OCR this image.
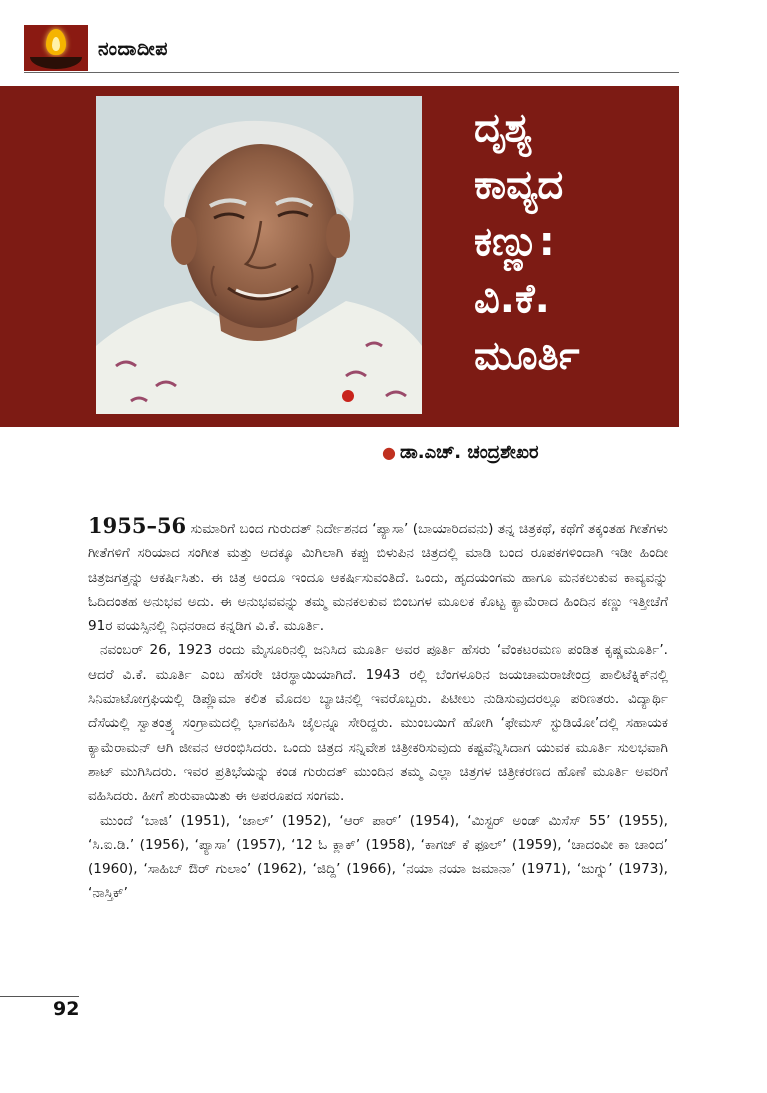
ನಂದಾದೀಪ
ದೃಶ್ಯ
ಕಾವ್ಯದ
ಕಣ್ಣು:
ವಿ.ಕೆ.
ಮೂರ್ತಿ
● ಡಾ.ಎಚ್. ಚಂದ್ರಶೇಖರ

1955–56 ಸುಮಾರಿಗೆ ಬಂದ ಗುರುದತ್ ನಿರ್ದೇಶನದ ‘ಪ್ಯಾಸಾ’ (ಬಾಯಾರಿದವನು) ತನ್ನ ಚಿತ್ರಕಥೆ, ಕಥೆಗೆ ತಕ್ಕಂತಹ ಗೀತೆಗಳು ಗೀತೆಗಳಿಗೆ ಸರಿಯಾದ ಸಂಗೀತ ಮತ್ತು ಅದಕ್ಕೂ ಮಿಗಿಲಾಗಿ ಕಪ್ಪು ಬಿಳುಪಿನ ಚಿತ್ರದಲ್ಲಿ ಮಾಡಿ ಬಂದ ರೂಪಕಗಳಿಂದಾಗಿ ಇಡೀ ಹಿಂದೀ ಚಿತ್ರಜಗತ್ತನ್ನು ಆಕರ್ಷಿಸಿತು. ಈ ಚಿತ್ರ ಅಂದೂ ಇಂದೂ ಆಕರ್ಷಿಸುವಂತಿದೆ. ಒಂದು, ಹೃದಯಂಗಮ ಹಾಗೂ ಮನಕಲುಕುವ ಕಾವ್ಯವನ್ನು ಓದಿದಂತಹ ಅನುಭವ ಅದು. ಈ ಅನುಭವವನ್ನು ತಮ್ಮ ಮನಕಲಕುವ ಬಿಂಬಗಳ ಮೂಲಕ ಕೊಟ್ಟ ಕ್ಯಾಮೆರಾದ ಹಿಂದಿನ ಕಣ್ಣು ಇತ್ತೀಚೆಗೆ 91ರ ವಯಸ್ಸಿನಲ್ಲಿ ನಿಧನರಾದ ಕನ್ನಡಿಗ ವಿ.ಕೆ. ಮೂರ್ತಿ.

ನವಂಬರ್ 26, 1923 ರಂದು ಮೈಸೂರಿನಲ್ಲಿ ಜನಿಸಿದ ಮೂರ್ತಿ ಅವರ ಪೂರ್ತಿ ಹೆಸರು ‘ವೆಂಕಟರಮಣ ಪಂಡಿತ ಕೃಷ್ಣಮೂರ್ತಿ’. ಆದರೆ ವಿ.ಕೆ. ಮೂರ್ತಿ ಎಂಬ ಹೆಸರೇ ಚಿರಸ್ಥಾಯಿಯಾಗಿದೆ. 1943 ರಲ್ಲಿ ಬೆಂಗಳೂರಿನ ಜಯಚಾಮರಾಜೇಂದ್ರ ಪಾಲಿಟೆಕ್ನಿಕ್‌ನಲ್ಲಿ ಸಿನಿಮಾಟೋಗ್ರಫಿಯಲ್ಲಿ ಡಿಪ್ಲೊಮಾ ಕಲಿತ ಮೊದಲ ಬ್ಯಾಚಿನಲ್ಲಿ ಇವರೊಬ್ಬರು. ಪಿಟೀಲು ನುಡಿಸುವುದರಲ್ಲೂ ಪರಿಣತರು. ವಿದ್ಯಾರ್ಥಿ ದೆಸೆಯಲ್ಲಿ ಸ್ವಾತಂತ್ರ್ಯ ಸಂಗ್ರಾಮದಲ್ಲಿ ಭಾಗವಹಿಸಿ ಜೈಲನ್ನೂ ಸೇರಿದ್ದರು. ಮುಂಬಯಿಗೆ ಹೋಗಿ ‘ಫೇಮಸ್ ಸ್ಟುಡಿಯೋ’ದಲ್ಲಿ ಸಹಾಯಕ ಕ್ಯಾಮೆರಾಮನ್ ಆಗಿ ಜೀವನ ಆರಂಭಿಸಿದರು. ಒಂದು ಚಿತ್ರದ ಸನ್ನಿವೇಶ ಚಿತ್ರೀಕರಿಸುವುದು ಕಷ್ಟವೆನ್ನಿಸಿದಾಗ ಯುವಕ ಮೂರ್ತಿ ಸುಲಭವಾಗಿ ಶಾಟ್ ಮುಗಿಸಿದರು. ಇವರ ಪ್ರತಿಭೆಯನ್ನು ಕಂಡ ಗುರುದತ್ ಮುಂದಿನ ತಮ್ಮ ಎಲ್ಲಾ ಚಿತ್ರಗಳ ಚಿತ್ರೀಕರಣದ ಹೊಣೆ ಮೂರ್ತಿ ಅವರಿಗೆ ವಹಿಸಿದರು. ಹೀಗೆ ಶುರುವಾಯಿತು ಈ ಅಪರೂಪದ ಸಂಗಮ.

ಮುಂದೆ ‘ಬಾಜಿ’ (1951), ‘ಜಾಲ್’ (1952), ‘ಆರ್ ಪಾರ್’ (1954), ‘ಮಿಸ್ಟರ್ ಅಂಡ್ ಮಿಸೆಸ್ 55’ (1955), ‘ಸಿ.ಐ.ಡಿ.’ (1956), ‘ಪ್ಯಾಸಾ’ (1957), ‘12 ಓ ಕ್ಲಾಕ್’ (1958), ‘ಕಾಗಜ್ ಕೆ ಫೂಲ್’ (1959), ‘ಚಾದಂವೀ ಕಾ ಚಾಂದ’ (1960), ‘ಸಾಹಿಬ್ ಔರ್ ಗುಲಾಂ’ (1962), ‘ಜಿದ್ದಿ’ (1966), ‘ನಯಾ ನಯಾ ಜಮಾನಾ’ (1971), ‘ಜುಗ್ನು’ (1973), ‘ನಾಸ್ತಿಕ್’

92
